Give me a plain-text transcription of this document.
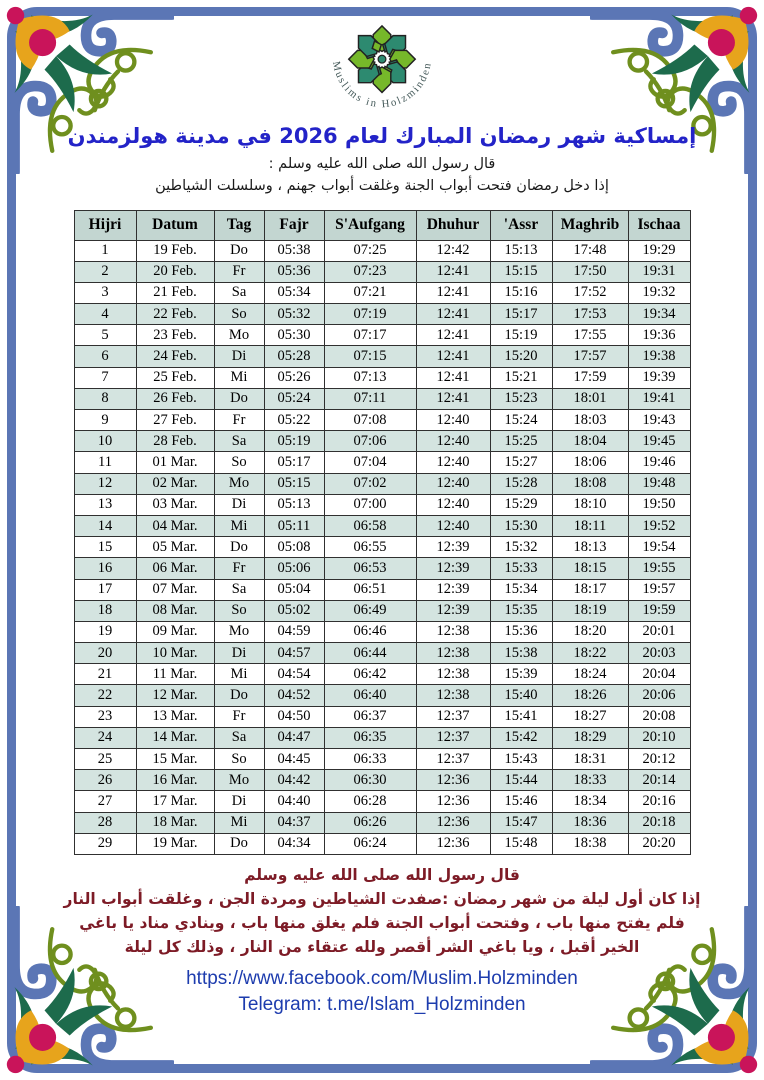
Muslims in Holzminden
إمساكية شهر رمضان المبارك لعام 2026 في مدينة هولزمندن
قال رسول الله صلى الله عليه وسلم :
إذا دخل رمضان فتحت أبواب الجنة وغلقت أبواب جهنم ، وسلسلت الشياطين
Hijri	Datum	Tag	Fajr	S'Aufgang	Dhuhur	'Assr	Maghrib	Ischaa
1	19 Feb.	Do	05:38	07:25	12:42	15:13	17:48	19:29
2	20 Feb.	Fr	05:36	07:23	12:41	15:15	17:50	19:31
3	21 Feb.	Sa	05:34	07:21	12:41	15:16	17:52	19:32
4	22 Feb.	So	05:32	07:19	12:41	15:17	17:53	19:34
5	23 Feb.	Mo	05:30	07:17	12:41	15:19	17:55	19:36
6	24 Feb.	Di	05:28	07:15	12:41	15:20	17:57	19:38
7	25 Feb.	Mi	05:26	07:13	12:41	15:21	17:59	19:39
8	26 Feb.	Do	05:24	07:11	12:41	15:23	18:01	19:41
9	27 Feb.	Fr	05:22	07:08	12:40	15:24	18:03	19:43
10	28 Feb.	Sa	05:19	07:06	12:40	15:25	18:04	19:45
11	01 Mar.	So	05:17	07:04	12:40	15:27	18:06	19:46
12	02 Mar.	Mo	05:15	07:02	12:40	15:28	18:08	19:48
13	03 Mar.	Di	05:13	07:00	12:40	15:29	18:10	19:50
14	04 Mar.	Mi	05:11	06:58	12:40	15:30	18:11	19:52
15	05 Mar.	Do	05:08	06:55	12:39	15:32	18:13	19:54
16	06 Mar.	Fr	05:06	06:53	12:39	15:33	18:15	19:55
17	07 Mar.	Sa	05:04	06:51	12:39	15:34	18:17	19:57
18	08 Mar.	So	05:02	06:49	12:39	15:35	18:19	19:59
19	09 Mar.	Mo	04:59	06:46	12:38	15:36	18:20	20:01
20	10 Mar.	Di	04:57	06:44	12:38	15:38	18:22	20:03
21	11 Mar.	Mi	04:54	06:42	12:38	15:39	18:24	20:04
22	12 Mar.	Do	04:52	06:40	12:38	15:40	18:26	20:06
23	13 Mar.	Fr	04:50	06:37	12:37	15:41	18:27	20:08
24	14 Mar.	Sa	04:47	06:35	12:37	15:42	18:29	20:10
25	15 Mar.	So	04:45	06:33	12:37	15:43	18:31	20:12
26	16 Mar.	Mo	04:42	06:30	12:36	15:44	18:33	20:14
27	17 Mar.	Di	04:40	06:28	12:36	15:46	18:34	20:16
28	18 Mar.	Mi	04:37	06:26	12:36	15:47	18:36	20:18
29	19 Mar.	Do	04:34	06:24	12:36	15:48	18:38	20:20
قال رسول الله صلى الله عليه وسلم
إذا كان أول ليلة من شهر رمضان :صفدت الشياطين ومردة الجن ، وغلقت أبواب النار
فلم يفتح منها باب ، وفتحت أبواب الجنة فلم يغلق منها باب ، وينادي مناد يا باغي
الخير أقبل ، ويا باغي الشر أقصر ولله عتقاء من النار ، وذلك كل ليلة
https://www.facebook.com/Muslim.Holzminden
Telegram: t.me/Islam_Holzminden
